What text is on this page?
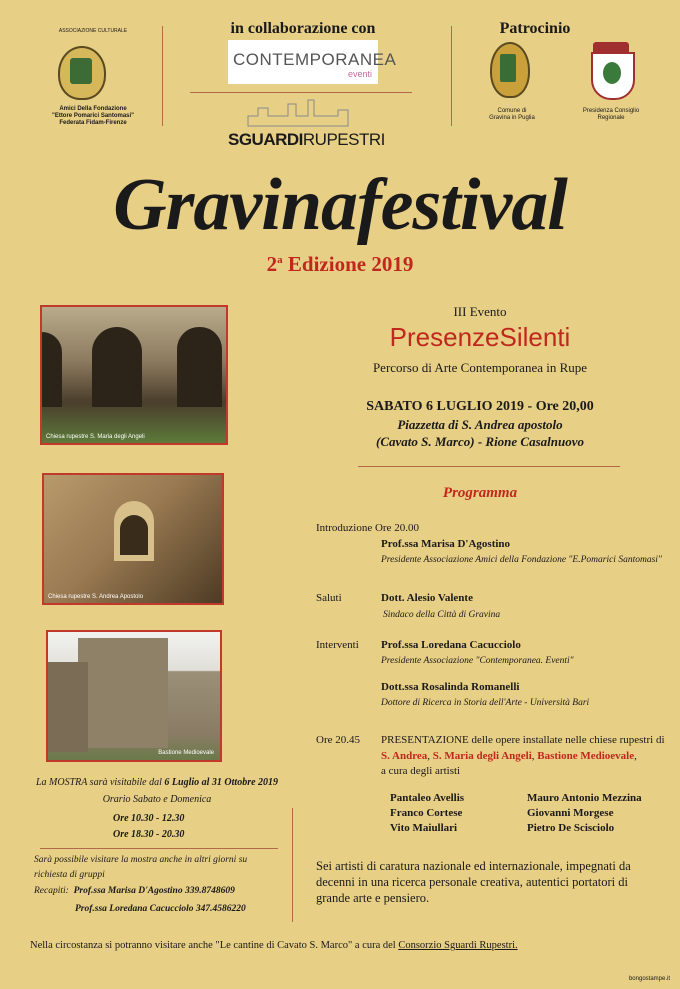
ASSOCIAZIONE CULTURALE
Amici Della Fondazione
"Ettore Pomarici Santomasi"
Federata Fidam-Firenze
in collaborazione con
CONTEMPORANEA
eventi
SGUARDIRUPESTRI
Patrocinio
Comune di
Gravina in Puglia
Presidenza Consiglio
Regionale
Gravinafestival
2$^a$ Edizione 2019
Chiesa rupestre S. Maria degli Angeli
Chiesa rupestre S. Andrea Apostolo
Bastione Medioevale
III Evento
PresenzeSilenti
Percorso di Arte Contemporanea in Rupe
SABATO 6 LUGLIO 2019 - Ore 20,00
Piazzetta di S. Andrea apostolo
(Cavato S. Marco) - Rione Casalnuovo
Programma
Introduzione Ore 20.00
Prof.ssa Marisa D'Agostino
Presidente Associazione Amici della Fondazione "E.Pomarici Santomasi"
Saluti	Dott. Alesio Valente
Sindaco della Città di Gravina
Interventi Prof.ssa Loredana Cacucciolo
Presidente Associazione "Contemporanea. Eventi"
Dott.ssa Rosalinda Romanelli
Dottore di Ricerca in Storia dell'Arte - Università Bari
Ore 20.45 PRESENTAZIONE delle opere installate nelle chiese rupestri di
S. Andrea, S. Maria degli Angeli, Bastione Medioevale,
a cura degli artisti
Pantaleo Avellis
Franco Cortese
Vito Maiullari
Mauro Antonio Mezzina
Giovanni Morgese
Pietro De Scisciolo
Sei artisti di caratura nazionale ed internazionale, impegnati da decenni in una ricerca personale creativa, autentici portatori di grande arte e pensiero.
La MOSTRA sarà visitabile dal 6 Luglio al 31 Ottobre 2019
Orario Sabato e Domenica
Ore 10.30 - 12.30
Ore 18.30 - 20.30
Sarà possibile visitare la mostra anche in altri giorni su
richiesta di gruppi
Recapiti: Prof.ssa Marisa D'Agostino 339.8748609
Prof.ssa Loredana Cacucciolo 347.4586220
Nella circostanza si potranno visitare anche "Le cantine di Cavato S. Marco" a cura del Consorzio Sguardi Rupestri.
bongostampe.it
